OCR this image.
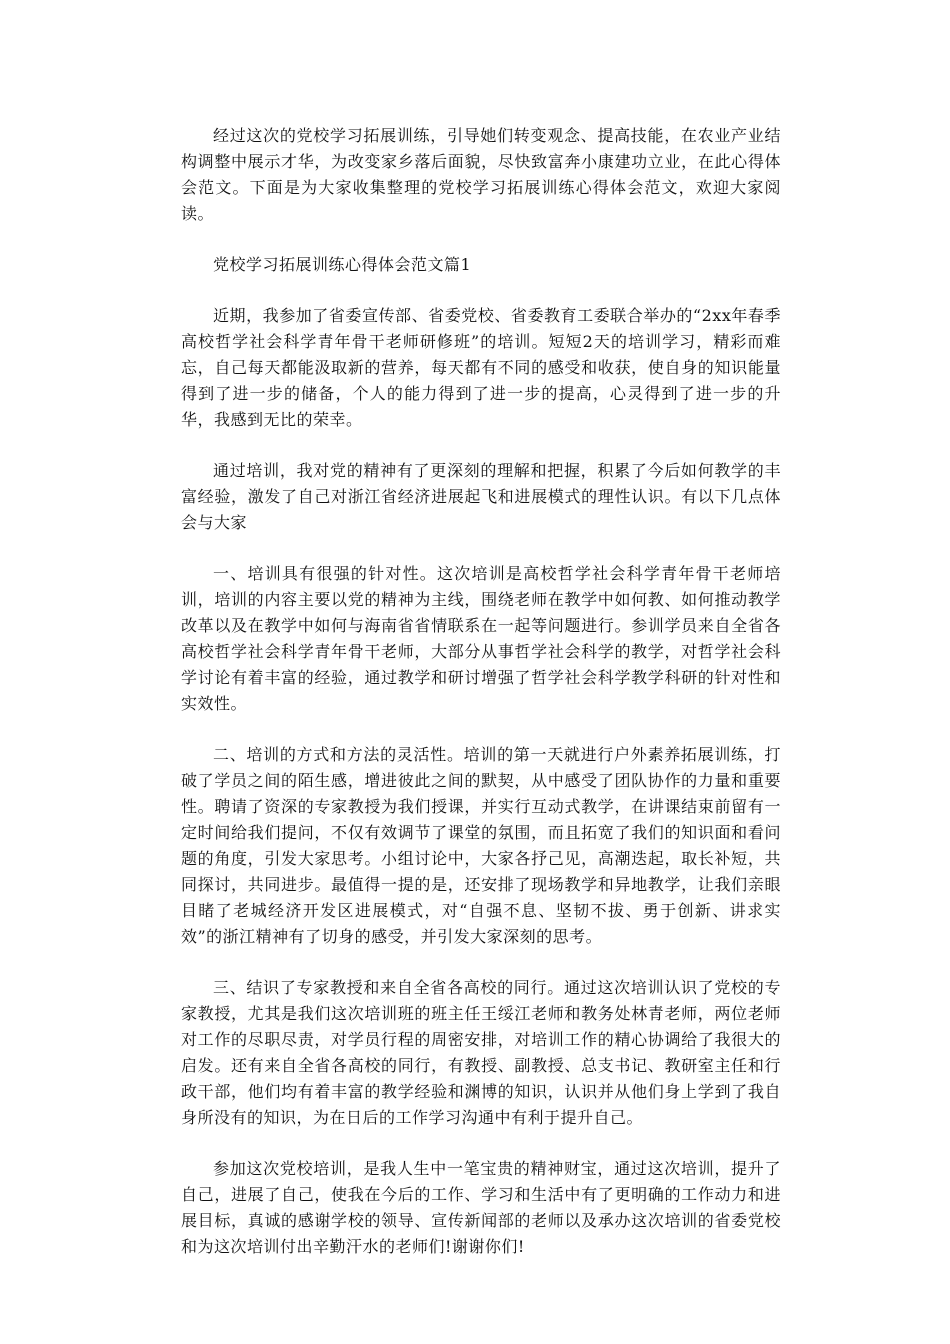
经过这次的党校学习拓展训练，引导她们转变观念、提高技能，在农业产业结构调整中展示才华，为改变家乡落后面貌，尽快致富奔小康建功立业，在此心得体会范文。下面是为大家收集整理的党校学习拓展训练心得体会范文，欢迎大家阅读。

党校学习拓展训练心得体会范文篇1

近期，我参加了省委宣传部、省委党校、省委教育工委联合举办的“2xx年春季高校哲学社会科学青年骨干老师研修班”的培训。短短2天的培训学习，精彩而难忘，自己每天都能汲取新的营养，每天都有不同的感受和收获，使自身的知识能量得到了进一步的储备，个人的能力得到了进一步的提高，心灵得到了进一步的升华，我感到无比的荣幸。

通过培训，我对党的精神有了更深刻的理解和把握，积累了今后如何教学的丰富经验，激发了自己对浙江省经济进展起飞和进展模式的理性认识。有以下几点体会与大家

一、培训具有很强的针对性。这次培训是高校哲学社会科学青年骨干老师培训，培训的内容主要以党的精神为主线，围绕老师在教学中如何教、如何推动教学改革以及在教学中如何与海南省省情联系在一起等问题进行。参训学员来自全省各高校哲学社会科学青年骨干老师，大部分从事哲学社会科学的教学，对哲学社会科学讨论有着丰富的经验，通过教学和研讨增强了哲学社会科学教学科研的针对性和实效性。

二、培训的方式和方法的灵活性。培训的第一天就进行户外素养拓展训练，打破了学员之间的陌生感，增进彼此之间的默契，从中感受了团队协作的力量和重要性。聘请了资深的专家教授为我们授课，并实行互动式教学，在讲课结束前留有一定时间给我们提问，不仅有效调节了课堂的氛围，而且拓宽了我们的知识面和看问题的角度，引发大家思考。小组讨论中，大家各抒己见，高潮迭起，取长补短，共同探讨，共同进步。最值得一提的是，还安排了现场教学和异地教学，让我们亲眼目睹了老城经济开发区进展模式，对“自强不息、坚韧不拔、勇于创新、讲求实效”的浙江精神有了切身的感受，并引发大家深刻的思考。

三、结识了专家教授和来自全省各高校的同行。通过这次培训认识了党校的专家教授，尤其是我们这次培训班的班主任王绥江老师和教务处林青老师，两位老师对工作的尽职尽责，对学员行程的周密安排，对培训工作的精心协调给了我很大的启发。还有来自全省各高校的同行，有教授、副教授、总支书记、教研室主任和行政干部，他们均有着丰富的教学经验和渊博的知识，认识并从他们身上学到了我自身所没有的知识，为在日后的工作学习沟通中有利于提升自己。

参加这次党校培训，是我人生中一笔宝贵的精神财宝，通过这次培训，提升了自己，进展了自己，使我在今后的工作、学习和生活中有了更明确的工作动力和进展目标，真诚的感谢学校的领导、宣传新闻部的老师以及承办这次培训的省委党校和为这次培训付出辛勤汗水的老师们!谢谢你们!
